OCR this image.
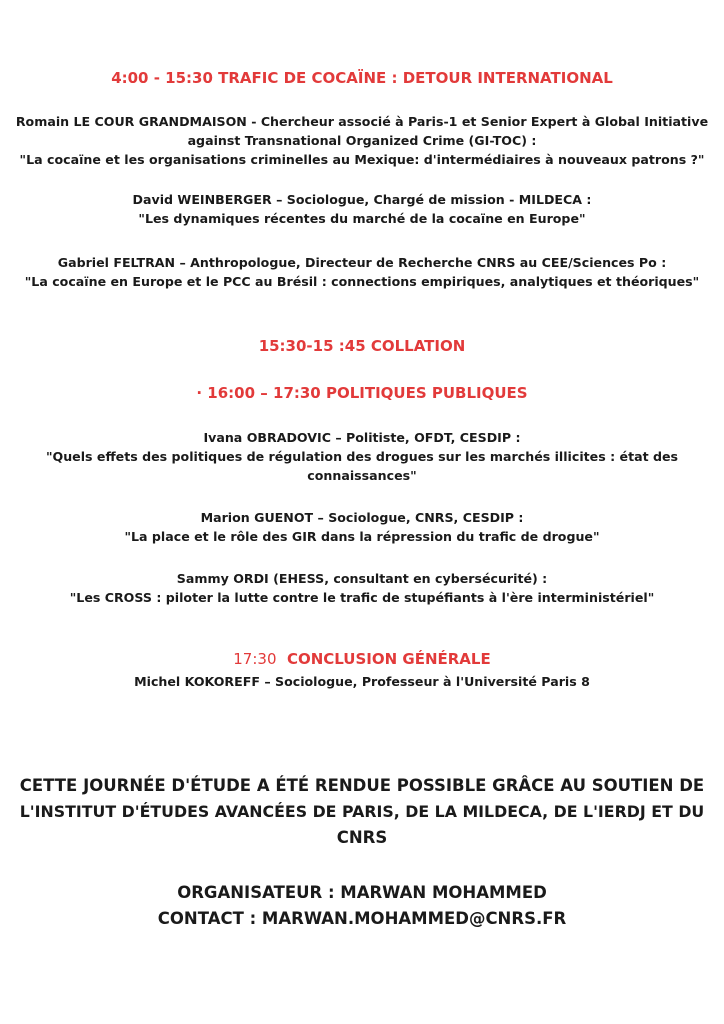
4:00 - 15:30 TRAFIC DE COCAÏNE : DETOUR INTERNATIONAL
Romain LE COUR GRANDMAISON - Chercheur associé à Paris-1 et Senior Expert à Global Initiative
against Transnational Organized Crime (GI-TOC) :
"La cocaïne et les organisations criminelles au Mexique: d'intermédiaires à nouveaux patrons ?"
David WEINBERGER – Sociologue, Chargé de mission - MILDECA :
"Les dynamiques récentes du marché de la cocaïne en Europe"
Gabriel FELTRAN – Anthropologue, Directeur de Recherche CNRS au CEE/Sciences Po :
"La cocaïne en Europe et le PCC au Brésil : connections empiriques, analytiques et théoriques"
15:30-15 :45 COLLATION
· 16:00 – 17:30 POLITIQUES PUBLIQUES
Ivana OBRADOVIC – Politiste, OFDT, CESDIP :
"Quels effets des politiques de régulation des drogues sur les marchés illicites : état des connaissances"
Marion GUENOT – Sociologue, CNRS, CESDIP :
"La place et le rôle des GIR dans la répression du trafic de drogue"
Sammy ORDI (EHESS, consultant en cybersécurité) :
"Les CROSS : piloter la lutte contre le trafic de stupéfiants à l'ère interministériel"
17:30 CONCLUSION GÉNÉRALE
Michel KOKOREFF – Sociologue, Professeur à l'Université Paris 8
CETTE JOURNÉE D'ÉTUDE A ÉTÉ RENDUE POSSIBLE GRÂCE AU SOUTIEN DE
L'INSTITUT D'ÉTUDES AVANCÉES DE PARIS, DE LA MILDECA, DE L'IERDJ ET DU
CNRS
ORGANISATEUR : MARWAN MOHAMMED
CONTACT : MARWAN.MOHAMMED@CNRS.FR
